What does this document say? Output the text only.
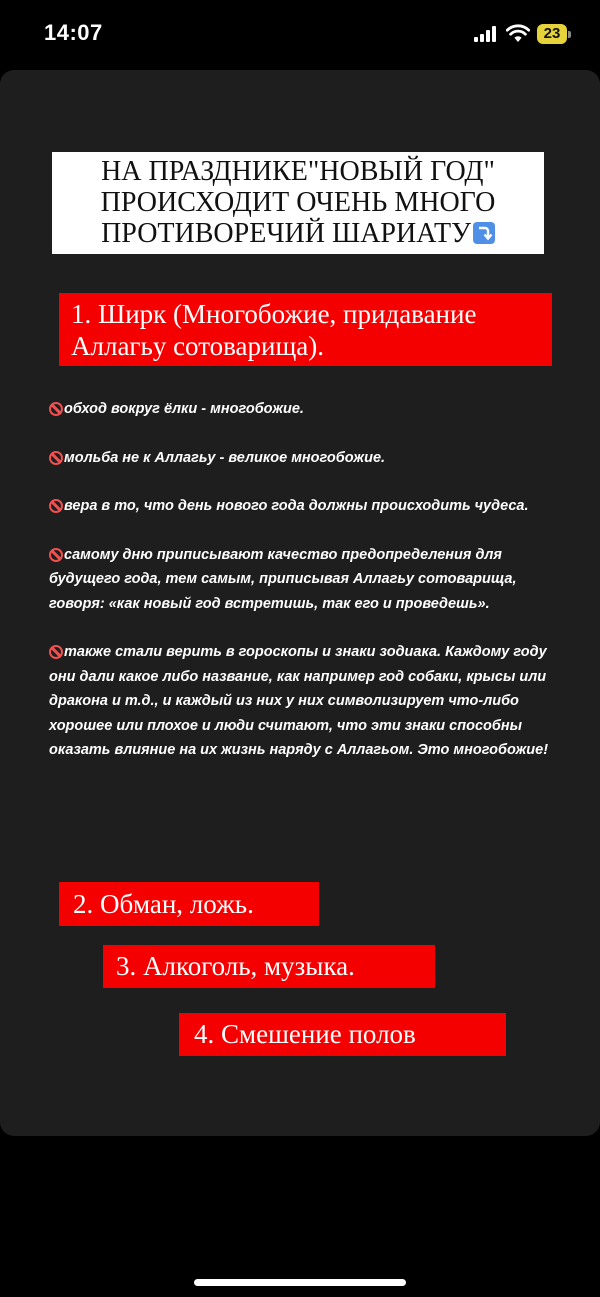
14:07	23
НА ПРАЗДНИКЕ"НОВЫЙ ГОД"
ПРОИСХОДИТ ОЧЕНЬ МНОГО
ПРОТИВОРЕЧИЙ ШАРИАТУ
1. Ширк (Многобожие, придавание Аллагьу сотоварища).

обход вокруг ёлки - многобожие.

мольба не к Аллагьу - великое многобожие.

вера в то, что день нового года должны происходить чудеса.

самому дню приписывают качество предопределения для будущего года, тем самым, приписывая Аллагьу сотоварища, говоря: «как новый год встретишь, так его и проведешь».

также стали верить в гороскопы и знаки зодиака. Каждому году они дали какое либо название, как например год собаки, крысы или дракона и т.д., и каждый из них у них символизирует что-либо хорошее или плохое и люди считают, что эти знаки способны оказать влияние на их жизнь наряду с Аллагьом. Это многобожие!

2. Обман, ложь.
3. Алкоголь, музыка.
4. Смешение полов
